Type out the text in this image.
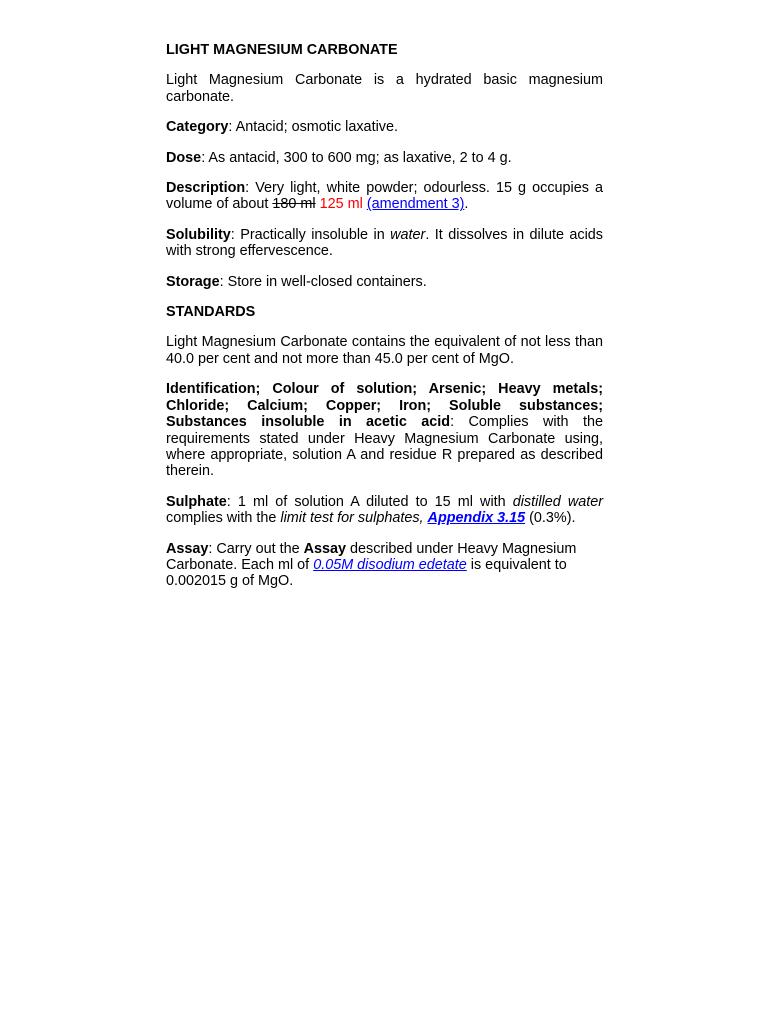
LIGHT MAGNESIUM CARBONATE

Light Magnesium Carbonate is a hydrated basic magnesium carbonate.

Category: Antacid; osmotic laxative.

Dose: As antacid, 300 to 600 mg; as laxative, 2 to 4 g.

Description: Very light, white powder; odourless. 15 g occupies a volume of about 180 ml 125 ml (amendment 3).

Solubility: Practically insoluble in water. It dissolves in dilute acids with strong effervescence.

Storage: Store in well-closed containers.

STANDARDS

Light Magnesium Carbonate contains the equivalent of not less than 40.0 per cent and not more than 45.0 per cent of MgO.

Identification; Colour of solution; Arsenic; Heavy metals; Chloride; Calcium; Copper; Iron; Soluble substances; Substances insoluble in acetic acid: Complies with the requirements stated under Heavy Magnesium Carbonate using, where appropriate, solution A and residue R prepared as described therein.

Sulphate: 1 ml of solution A diluted to 15 ml with distilled water complies with the limit test for sulphates, Appendix 3.15 (0.3%).

Assay: Carry out the Assay described under Heavy Magnesium Carbonate. Each ml of 0.05M disodium edetate is equivalent to 0.002015 g of MgO.
